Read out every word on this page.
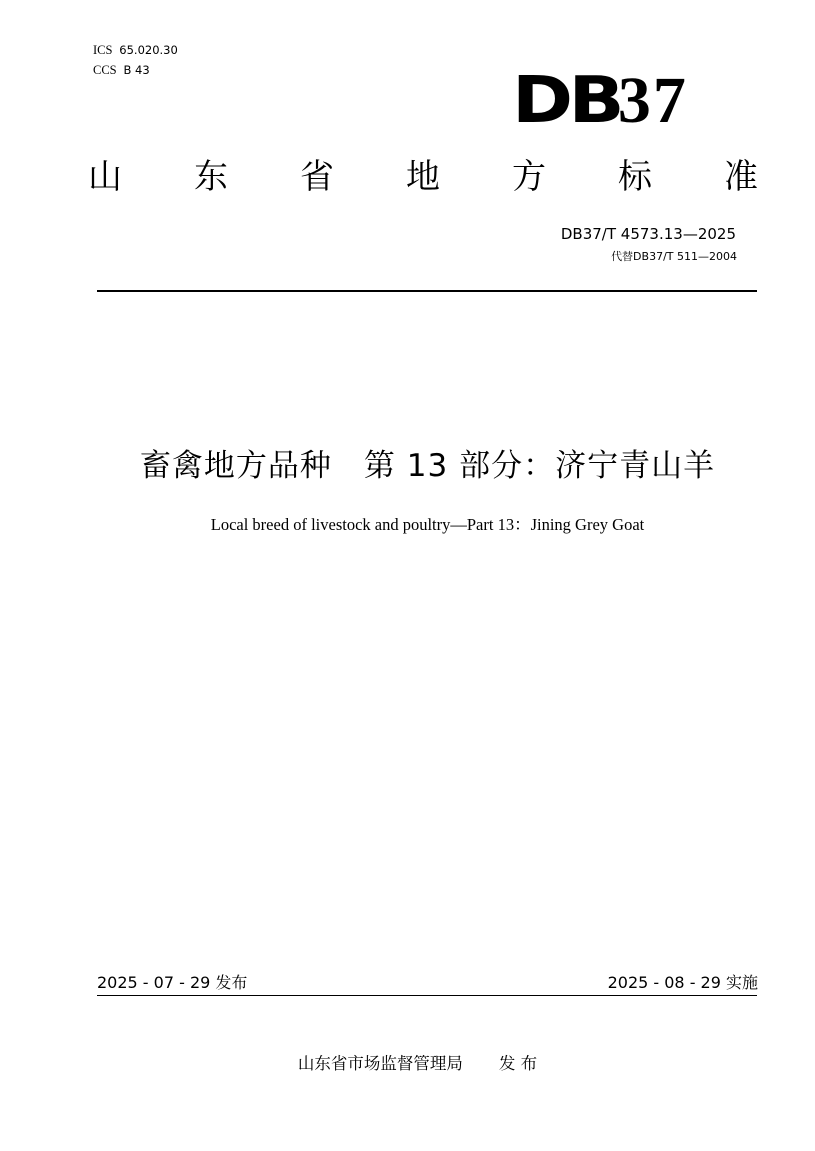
ICS 65.020.30
CCS B 43	DB
37
山 东 省 地 方 标 准
DB37/T 4573.13—2025
代替DB37/T 511—2004
畜禽地方品种　第 13 部分：济宁青山羊
Local breed of livestock and poultry—Part 13：Jining Grey Goat
2025 - 07 - 29 发布	2025 - 08 - 29 实施
山东省市场监督管理局 发 布
